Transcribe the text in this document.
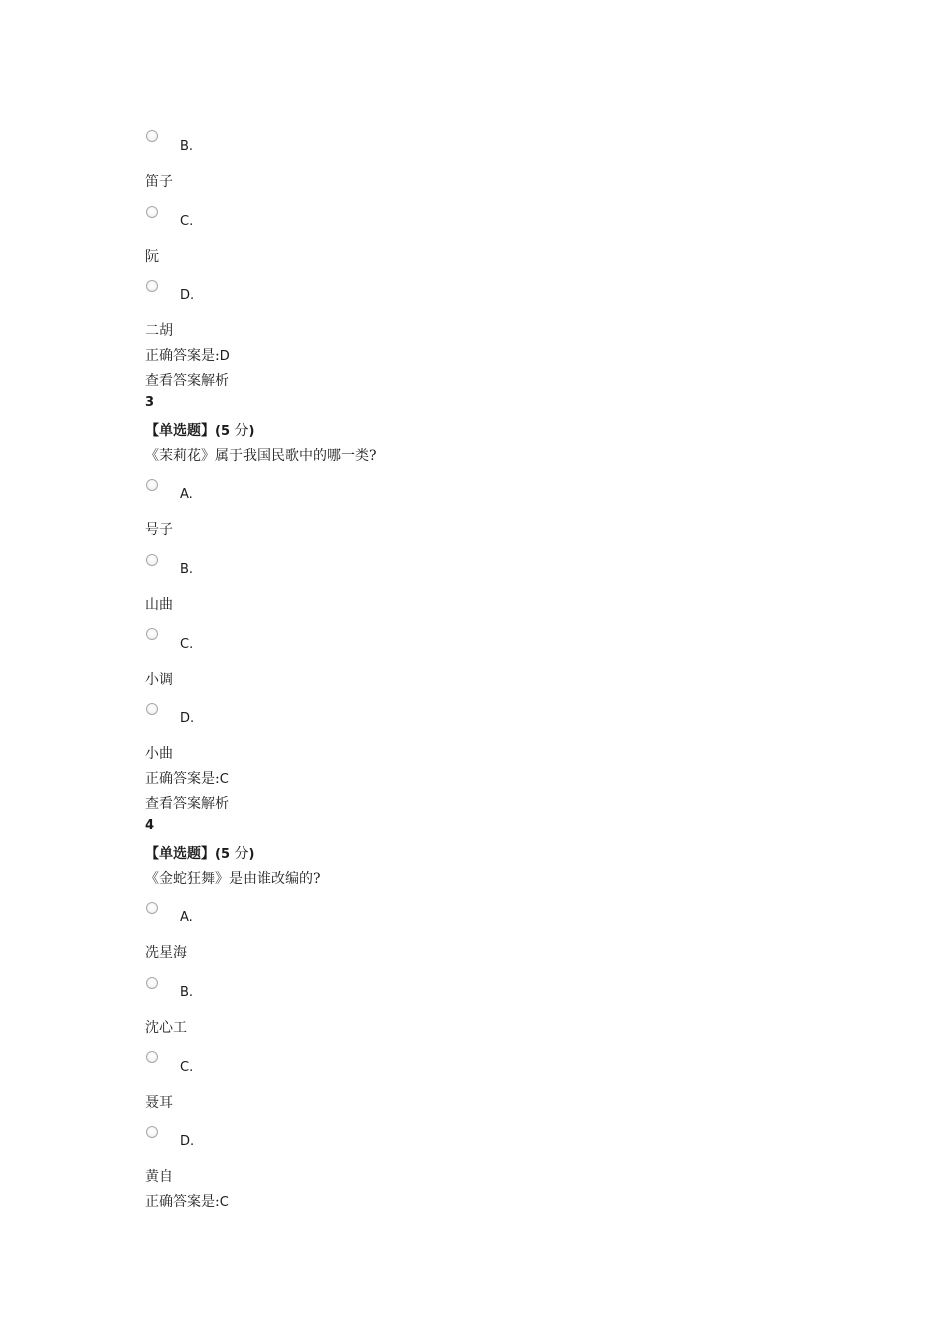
B.
笛子
C.
阮
D.
二胡
正确答案是:D
查看答案解析
3
【单选题】(5 分)
《茉莉花》属于我国民歌中的哪一类?
A.
号子
B.
山曲
C.
小调
D.
小曲
正确答案是:C
查看答案解析
4
【单选题】(5 分)
《金蛇狂舞》是由谁改编的?
A.
冼星海
B.
沈心工
C.
聂耳
D.
黄自
正确答案是:C
